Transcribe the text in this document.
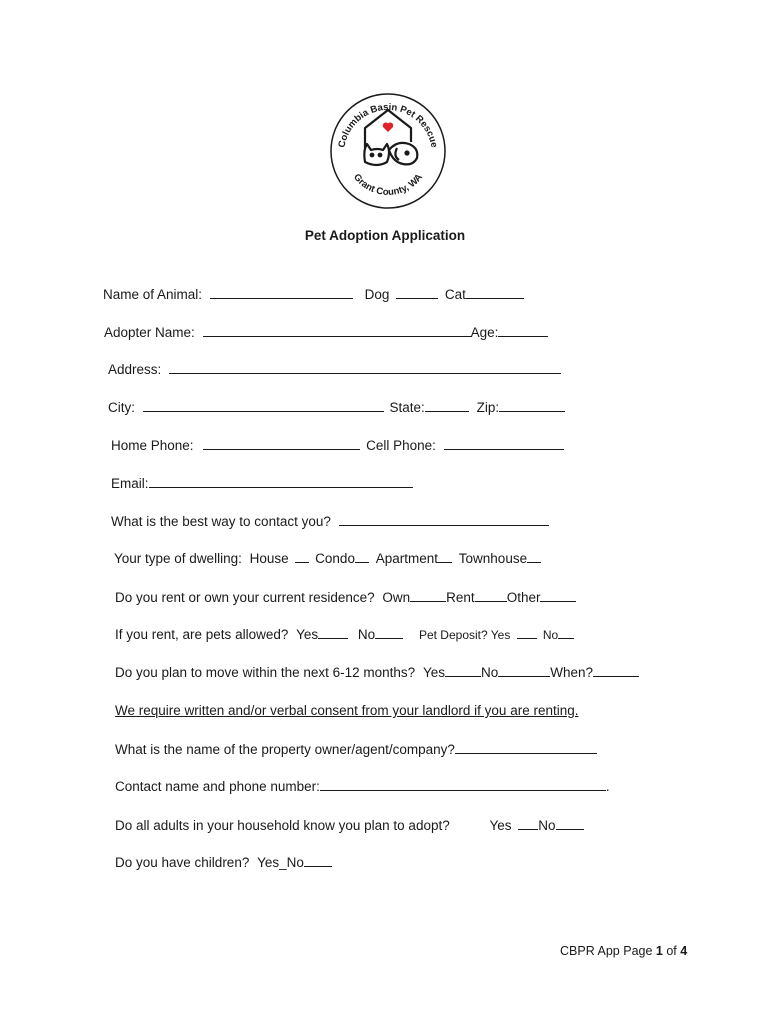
Columbia Basin Pet Rescue
Grant County, WA
Pet Adoption Application
Name of Animal:	Dog	Cat
Adopter Name:	Age:
Address:
City:	State:	Zip:
Home Phone:	Cell Phone:
Email:
What is the best way to contact you?
Your type of dwelling: House Condo Apartment Townhouse
Do you rent or own your current residence? Own	Rent Other
If you rent, are pets allowed? Yes	No	Pet Deposit? Yes	No
Do you plan to move within the next 6-12 months? Yes	No	When?
We require written and/or verbal consent from your landlord if you are renting.
What is the name of the property owner/agent/company?
Contact name and phone number:	.
Do all adults in your household know you plan to adopt?	Yes No
Do you have children? Yes_No
CBPR App Page 1 of 4
